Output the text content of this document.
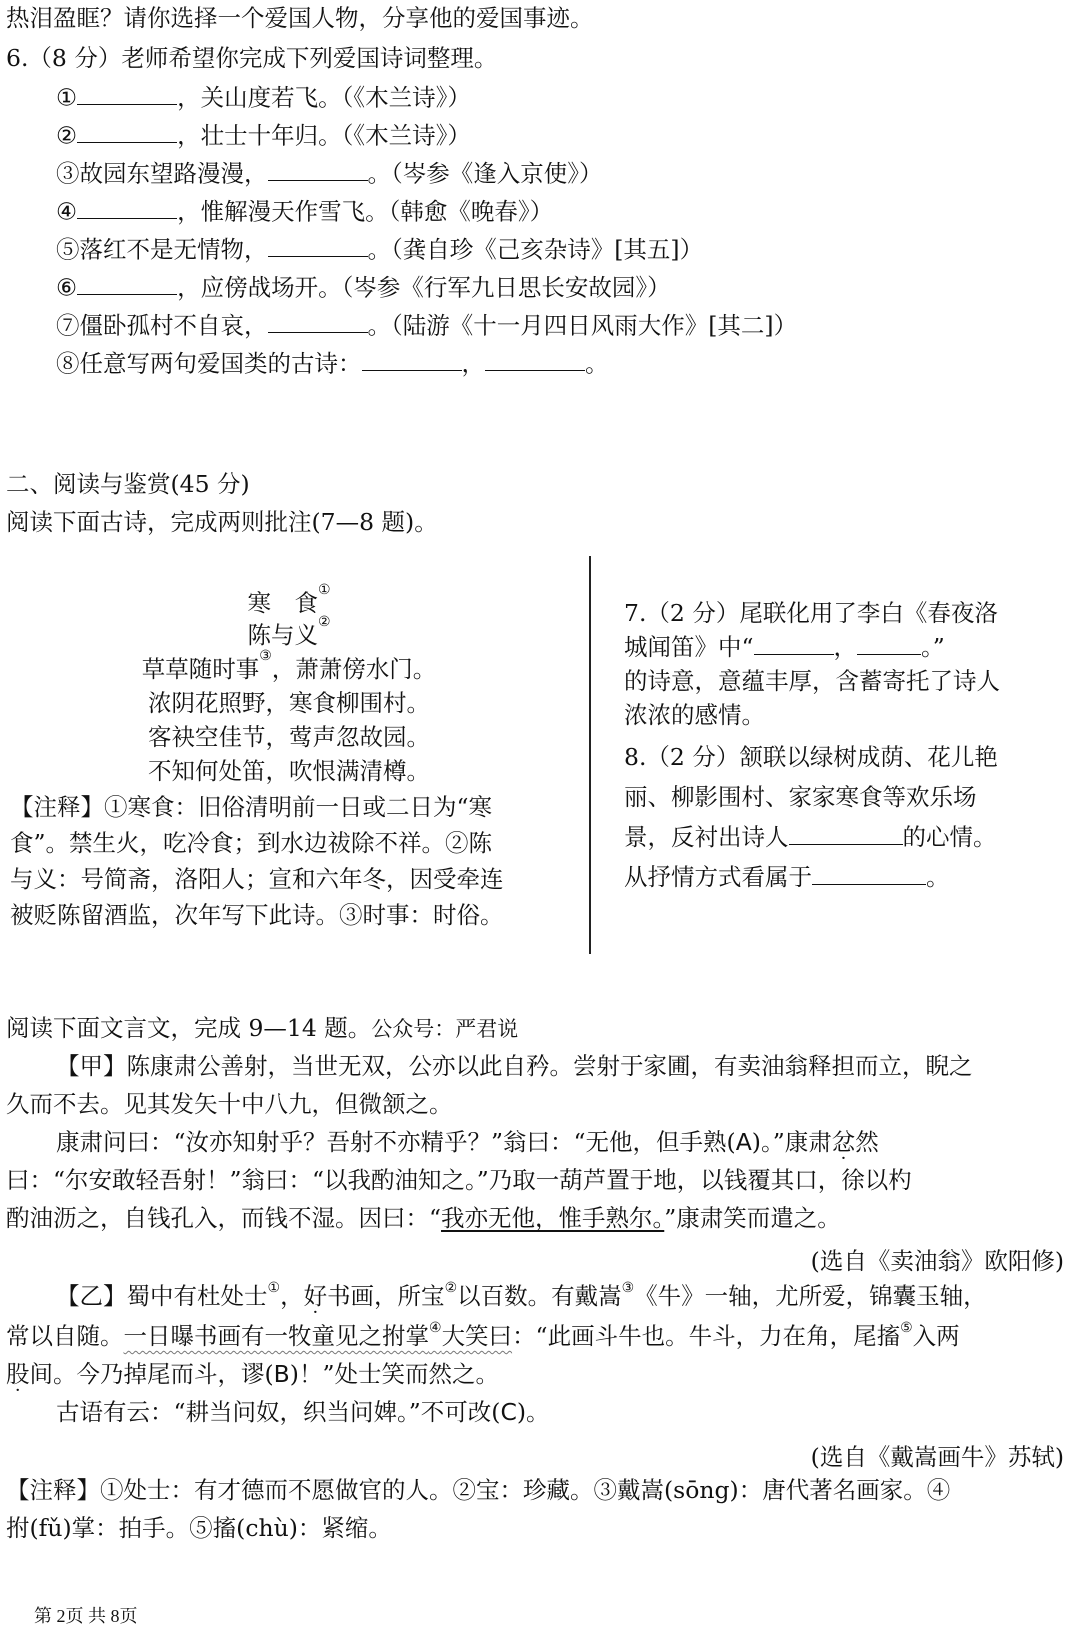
热泪盈眶？请你选择一个爱国人物，分享他的爱国事迹。
6.（8 分）老师希望你完成下列爱国诗词整理。
①	，关山度若飞。（《木兰诗》）
②	，壮士十年归。（《木兰诗》）
③故园东望路漫漫，	。（岑参《逢入京使》）
④	，惟解漫天作雪飞。（韩愈《晚春》）
⑤落红不是无情物，	。（龚自珍《己亥杂诗》[其五]）
⑥	，应傍战场开。（岑参《行军九日思长安故园》）
⑦僵卧孤村不自哀，	。（陆游《十一月四日风雨大作》[其二]）
⑧任意写两句爱国类的古诗：	，	。
二、阅读与鉴赏(45 分)
阅读下面古诗，完成两则批注(7—8 题)。
寒　食①
陈与义②
草草随时事③，萧萧傍水门。
浓阴花照野，寒食柳围村。
客袂空佳节，莺声忽故园。
不知何处笛，吹恨满清樽。
【注释】①寒食：旧俗清明前一日或二日为“寒
食”。禁生火，吃冷食；到水边祓除不祥。②陈
与义：号简斋，洛阳人；宣和六年冬，因受牵连
被贬陈留酒监，次年写下此诗。③时事：时俗。
7.（2 分）尾联化用了李白《春夜洛
城闻笛》中“	，	。”
的诗意，意蕴丰厚，含蓄寄托了诗人
浓浓的感情。
8.（2 分）颔联以绿树成荫、花儿艳
丽、柳影围村、家家寒食等欢乐场
景，反衬出诗人	的心情。
从抒情方式看属于	。
阅读下面文言文，完成 9—14 题。公众号：严君说
【甲】陈康肃公善射，当世无双，公亦以此自矜。尝射于家圃，有卖油翁释担而立，睨之
久而不去。见其发矢十中八九，但微颔之。
康肃问曰：“汝亦知射乎？吾射不亦精乎？”翁曰：“无他，但手熟(A)。”康肃忿然
曰：“尔安敢轻吾射！”翁曰：“以我酌油知之。”乃取一葫芦置于地，以钱覆其口，徐以杓
酌油沥之，自钱孔入，而钱不湿。因曰：“我亦无他，惟手熟尔。”康肃笑而遣之。
(选自《卖油翁》欧阳修)
【乙】蜀中有杜处士①，好书画，所宝②以百数。有戴嵩③《牛》一轴，尤所爱，锦囊玉轴，
常以自随。一日曝书画有一牧童见之拊掌④大笑曰：“此画斗牛也。牛斗，力在角，尾搐⑤入两
股间。今乃掉尾而斗，谬(B)！”处士笑而然之。
古语有云：“耕当问奴，织当问婢。”不可改(C)。
(选自《戴嵩画牛》苏轼)
【注释】①处士：有才德而不愿做官的人。②宝：珍藏。③戴嵩(sōng)：唐代著名画家。④
拊(fǔ)掌：拍手。⑤搐(chù)：紧缩。
第 2页 共 8页
